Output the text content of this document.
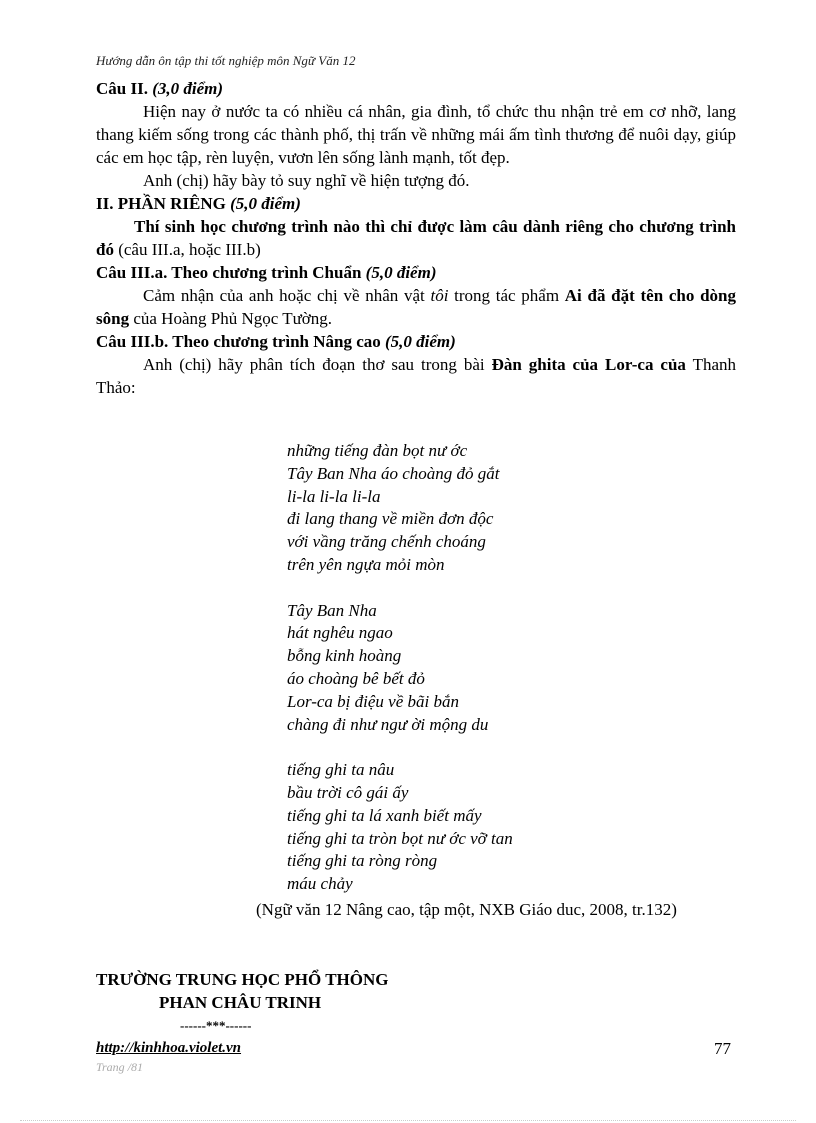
Hướng dẫn ôn tập thi tốt nghiệp môn Ngữ Văn 12
Câu II. (3,0 điểm)
Hiện nay ở nước ta có nhiều cá nhân, gia đình, tổ chức thu nhận trẻ em cơ nhỡ, lang thang kiếm sống trong các thành phố, thị trấn về những mái ấm tình thương để nuôi dạy, giúp các em học tập, rèn luyện, vươn lên sống lành mạnh, tốt đẹp.
Anh (chị) hãy bày tỏ suy nghĩ về hiện tượng đó.
II. PHẦN RIÊNG (5,0 điểm)
Thí sinh học chương trình nào thì chỉ được làm câu dành riêng cho chương trình đó (câu III.a, hoặc III.b)
Câu III.a. Theo chương trình Chuẩn (5,0 điểm)
Cảm nhận của anh hoặc chị về nhân vật tôi trong tác phẩm Ai đã đặt tên cho dòng sông của Hoàng Phủ Ngọc Tường.
Câu III.b. Theo chương trình Nâng cao (5,0 điểm)
Anh (chị) hãy phân tích đoạn thơ sau trong bài Đàn ghita của Lor-ca của Thanh Thảo:
những tiếng đàn bọt nư ớc
Tây Ban Nha áo choàng đỏ gắt
li-la li-la li-la
đi lang thang về miền đơn độc
với vầng trăng chếnh choáng
trên yên ngựa mỏi mòn
Tây Ban Nha
hát nghêu ngao
bỗng kinh hoàng
áo choàng bê bết đỏ
Lor-ca bị điệu về bãi bắn
chàng đi như ngư ời mộng du
tiếng ghi ta nâu
bầu trời cô gái ấy
tiếng ghi ta lá xanh biết mấy
tiếng ghi ta tròn bọt nư ớc vỡ tan
tiếng ghi ta ròng ròng
máu chảy
(Ngữ văn 12 Nâng cao, tập một, NXB Giáo duc, 2008, tr.132)
TRƯỜNG TRUNG HỌC PHỔ THÔNG
PHAN CHÂU TRINH
------***------
http://kinhhoa.violet.vn	77
Trang /81
